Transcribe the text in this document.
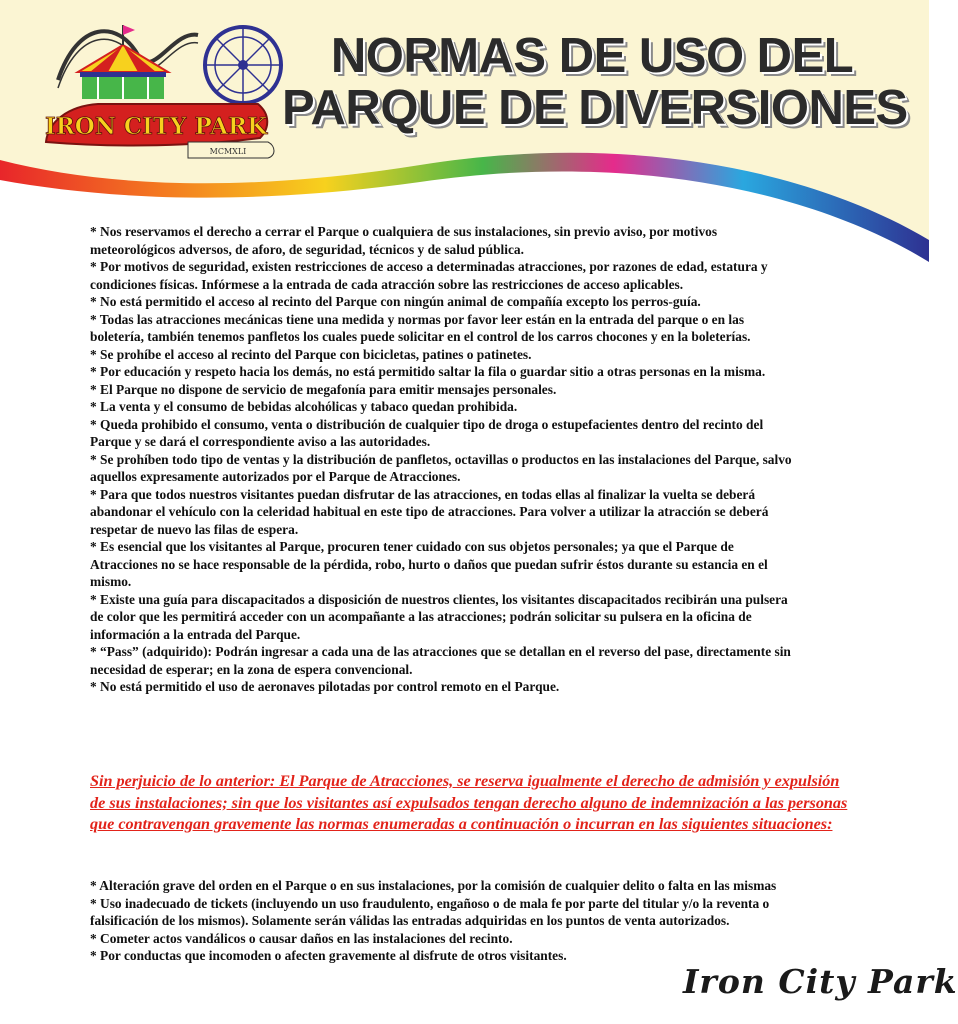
IRON CITY PARK
MCMXLI
NORMAS DE USO DEL
PARQUE DE DIVERSIONES

* Nos reservamos el derecho a cerrar el Parque o cualquiera de sus instalaciones, sin previo aviso, por motivos meteorológicos adversos, de aforo, de seguridad, técnicos y de salud pública.

* Por motivos de seguridad, existen restricciones de acceso a determinadas atracciones, por razones de edad, estatura y condiciones físicas. Infórmese a la entrada de cada atracción sobre las restricciones de acceso aplicables.

* No está permitido el acceso al recinto del Parque con ningún animal de compañía excepto los perros-guía.

* Todas las atracciones mecánicas tiene una medida y normas por favor leer están en la entrada del parque o en las boletería, también tenemos panfletos los cuales puede solicitar en el control de los carros chocones y en la boleterías.

* Se prohíbe el acceso al recinto del Parque con bicicletas, patines o patinetes.

* Por educación y respeto hacia los demás, no está permitido saltar la fila o guardar sitio a otras personas en la misma.

* El Parque no dispone de servicio de megafonía para emitir mensajes personales.

* La venta y el consumo de bebidas alcohólicas y tabaco quedan prohibida.

* Queda prohibido el consumo, venta o distribución de cualquier tipo de droga o estupefacientes dentro del recinto del Parque y se dará el correspondiente aviso a las autoridades.

* Se prohíben todo tipo de ventas y la distribución de panfletos, octavillas o productos en las instalaciones del Parque, salvo aquellos expresamente autorizados por el Parque de Atracciones.

* Para que todos nuestros visitantes puedan disfrutar de las atracciones, en todas ellas al finalizar la vuelta se deberá abandonar el vehículo con la celeridad habitual en este tipo de atracciones. Para volver a utilizar la atracción se deberá respetar de nuevo las filas de espera.

* Es esencial que los visitantes al Parque, procuren tener cuidado con sus objetos personales; ya que el Parque de Atracciones no se hace responsable de la pérdida, robo, hurto o daños que puedan sufrir éstos durante su estancia en el mismo.

* Existe una guía para discapacitados a disposición de nuestros clientes, los visitantes discapacitados recibirán una pulsera de color que les permitirá acceder con un acompañante a las atracciones; podrán solicitar su pulsera en la oficina de información a la entrada del Parque.

* “Pass” (adquirido): Podrán ingresar a cada una de las atracciones que se detallan en el reverso del pase, directamente sin necesidad de esperar; en la zona de espera convencional.

* No está permitido el uso de aeronaves pilotadas por control remoto en el Parque.

Sin perjuicio de lo anterior: El Parque de Atracciones, se reserva igualmente el derecho de admisión y expulsión de sus instalaciones; sin que los visitantes así expulsados tengan derecho alguno de indemnización a las personas que contravengan gravemente las normas enumeradas a continuación o incurran en las siguientes situaciones:

* Alteración grave del orden en el Parque o en sus instalaciones, por la comisión de cualquier delito o falta en las mismas

* Uso inadecuado de tickets (incluyendo un uso fraudulento, engañoso o de mala fe por parte del titular y/o la reventa o falsificación de los mismos). Solamente serán válidas las entradas adquiridas en los puntos de venta autorizados.

* Cometer actos vandálicos o causar daños en las instalaciones del recinto.

* Por conductas que incomoden o afecten gravemente al disfrute de otros visitantes.

Iron City Park
